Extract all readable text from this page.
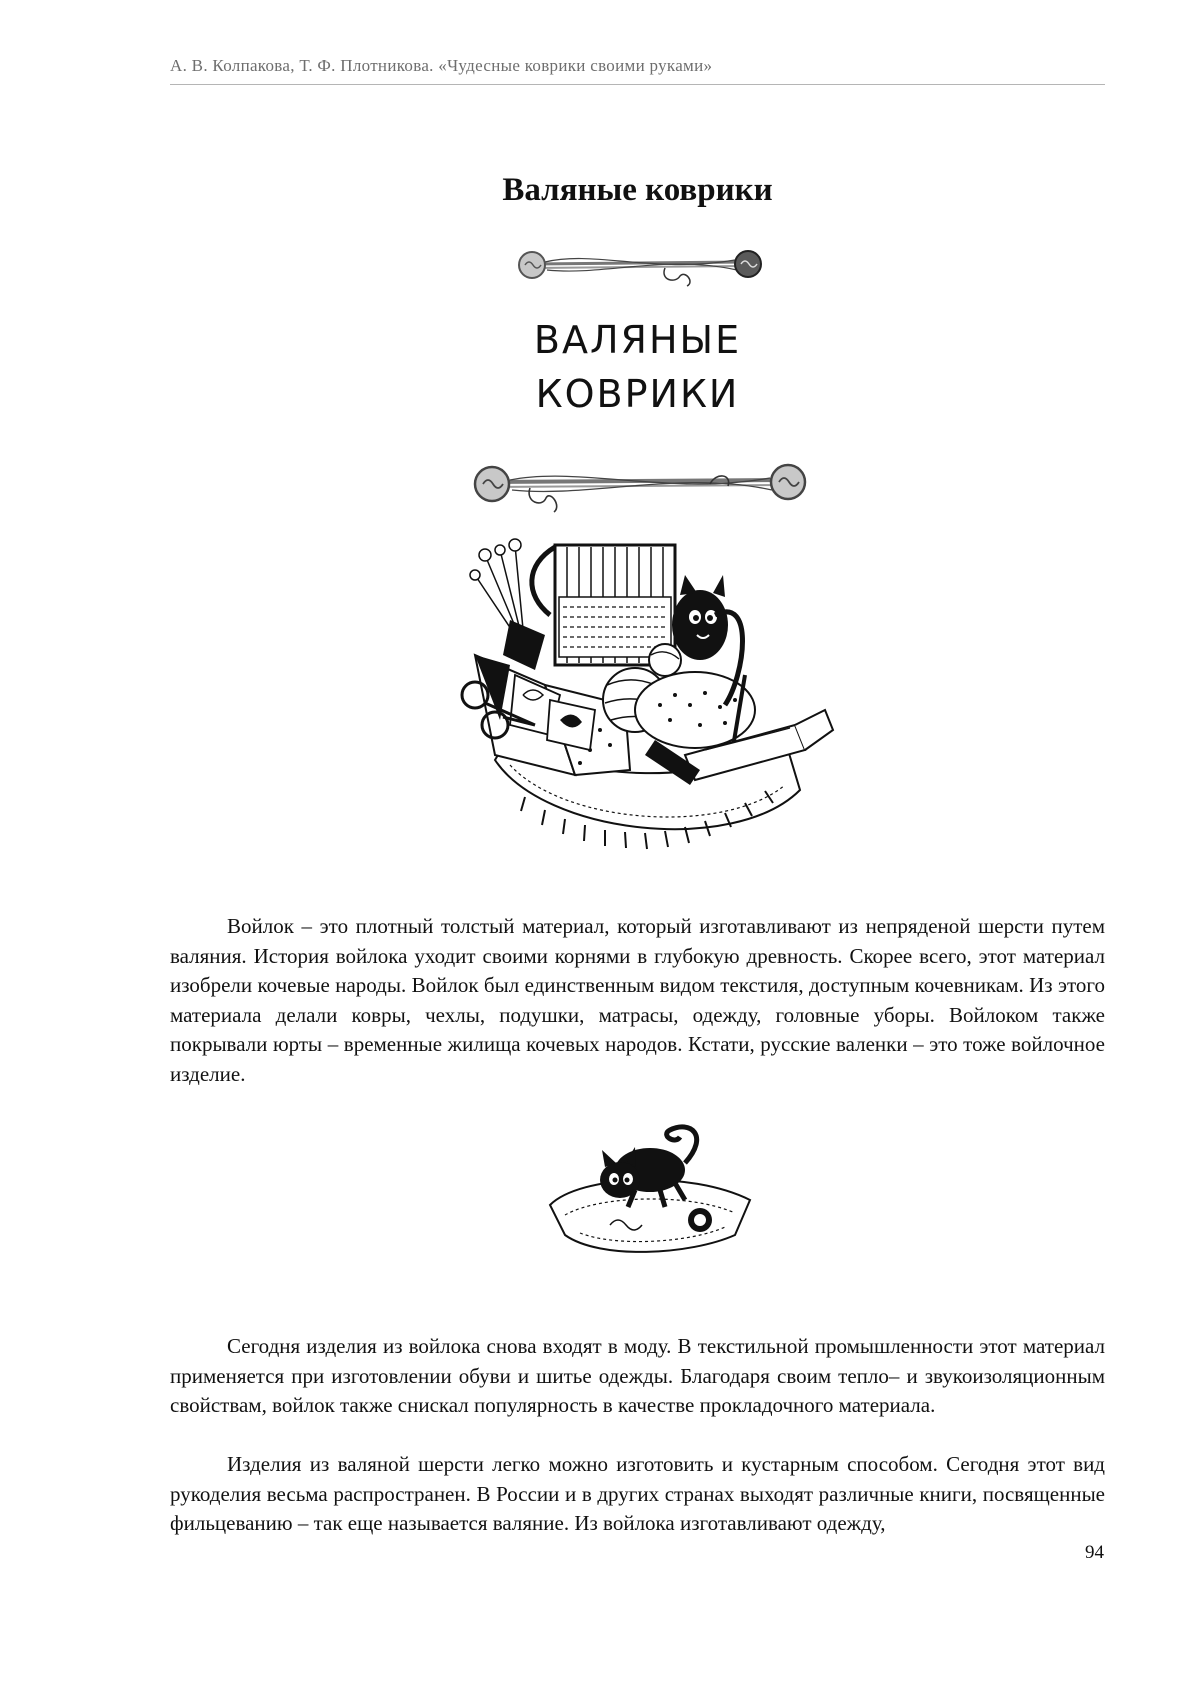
А. В. Колпакова, Т. Ф. Плотникова. «Чудесные коврики своими руками»
Валяные коврики
ВАЛЯНЫЕ
КОВРИКИ
Войлок – это плотный толстый материал, который изготавливают из непряденой шерсти путем валяния. История войлока уходит своими корнями в глубокую древность. Скорее всего, этот материал изобрели кочевые народы. Войлок был единственным видом текстиля, доступным кочевникам. Из этого материала делали ковры, чехлы, подушки, матрасы, одежду, головные уборы. Войлоком также покрывали юрты – временные жилища кочевых народов. Кстати, русские валенки – это тоже войлочное изделие.
Сегодня изделия из войлока снова входят в моду. В текстильной промышленности этот материал применяется при изготовлении обуви и шитье одежды. Благодаря своим тепло– и звукоизоляционным свойствам, войлок также снискал популярность в качестве прокладочного материала.
Изделия из валяной шерсти легко можно изготовить и кустарным способом. Сегодня этот вид рукоделия весьма распространен. В России и в других странах выходят различные книги, посвященные фильцеванию – так еще называется валяние. Из войлока изготавливают одежду,
94
